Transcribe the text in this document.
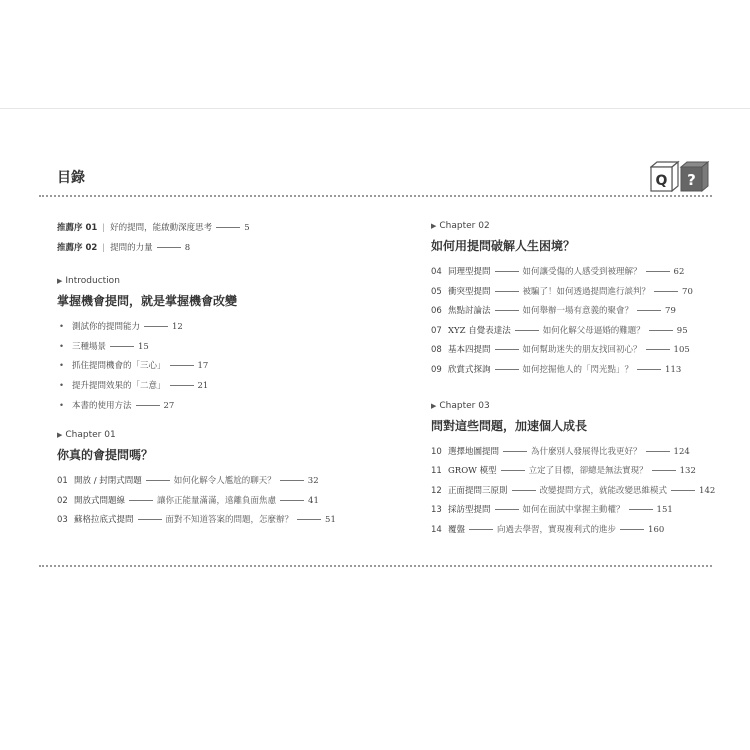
目錄	Q ?
推薦序 01 | 好的提問，能啟動深度思考	5
推薦序 02 | 提問的力量	8
▶ Introduction
掌握機會提問，就是掌握機會改變
• 測試你的提問能力	12
• 三種場景	15
• 抓住提問機會的「三心」	17
• 提升提問效果的「二意」	21
• 本書的使用方法	27
▶ Chapter 01
你真的會提問嗎？
01 開放 / 封閉式問題	如何化解令人尷尬的聊天？	32
02 開放式問題線	讓你正能量滿滿，遠離負面焦慮	41
03 蘇格拉底式提問	面對不知道答案的問題，怎麼辦？	51
▶ Chapter 02
如何用提問破解人生困境？
04 同理型提問	如何讓受傷的人感受到被理解？	62
05 衝突型提問	被騙了！如何透過提問進行談判？	70
06 焦點討論法	如何舉辦一場有意義的聚會？	79
07 XYZ 自覺表達法	如何化解父母逼婚的難題？	95
08 基本四提問	如何幫助迷失的朋友找回初心？	105
09 欣賞式探詢	如何挖掘他人的「閃光點」？	113
▶ Chapter 03
問對這些問題，加速個人成長
10 選擇地圖提問	為什麼別人發展得比我更好？	124
11 GROW 模型	立定了目標，卻總是無法實現？	132
12 正面提問三原則	改變提問方式，就能改變思維模式	142
13 採訪型提問	如何在面試中掌握主動權？	151
14 覆盤	向過去學習，實現複利式的進步	160
